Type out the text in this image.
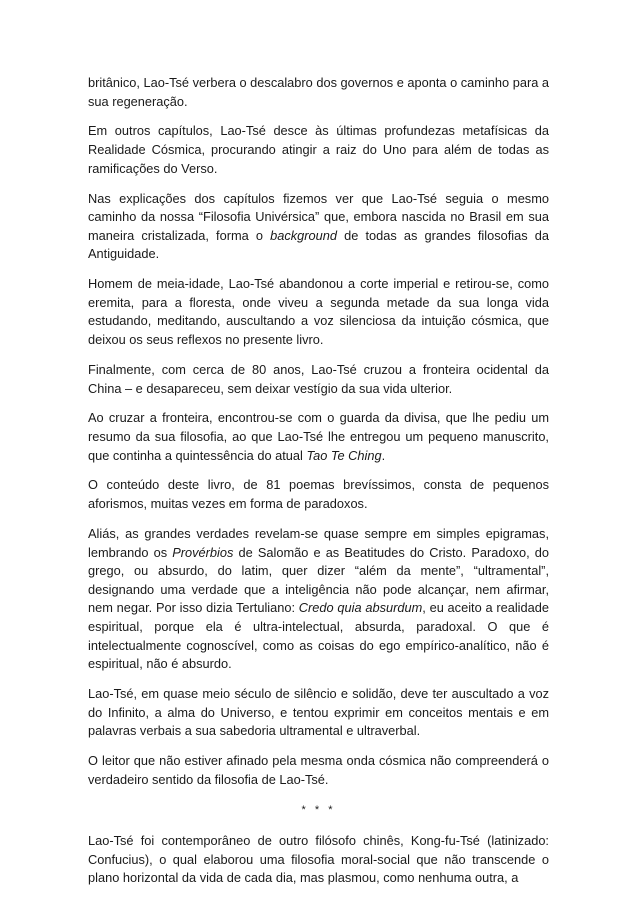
britânico, Lao-Tsé verbera o descalabro dos governos e aponta o caminho para a sua regeneração.

Em outros capítulos, Lao-Tsé desce às últimas profundezas metafísicas da Realidade Cósmica, procurando atingir a raiz do Uno para além de todas as ramificações do Verso.

Nas explicações dos capítulos fizemos ver que Lao-Tsé seguia o mesmo caminho da nossa “Filosofia Univérsica” que, embora nascida no Brasil em sua maneira cristalizada, forma o background de todas as grandes filosofias da Antiguidade.

Homem de meia-idade, Lao-Tsé abandonou a corte imperial e retirou-se, como eremita, para a floresta, onde viveu a segunda metade da sua longa vida estudando, meditando, auscultando a voz silenciosa da intuição cósmica, que deixou os seus reflexos no presente livro.

Finalmente, com cerca de 80 anos, Lao-Tsé cruzou a fronteira ocidental da China – e desapareceu, sem deixar vestígio da sua vida ulterior.

Ao cruzar a fronteira, encontrou-se com o guarda da divisa, que lhe pediu um resumo da sua filosofia, ao que Lao-Tsé lhe entregou um pequeno manuscrito, que continha a quintessência do atual Tao Te Ching.

O conteúdo deste livro, de 81 poemas brevíssimos, consta de pequenos aforismos, muitas vezes em forma de paradoxos.

Aliás, as grandes verdades revelam-se quase sempre em simples epigramas, lembrando os Provérbios de Salomão e as Beatitudes do Cristo. Paradoxo, do grego, ou absurdo, do latim, quer dizer “além da mente”, “ultramental”, designando uma verdade que a inteligência não pode alcançar, nem afirmar, nem negar. Por isso dizia Tertuliano: Credo quia absurdum, eu aceito a realidade espiritual, porque ela é ultra-intelectual, absurda, paradoxal. O que é intelectualmente cognoscível, como as coisas do ego empírico-analítico, não é espiritual, não é absurdo.

Lao-Tsé, em quase meio século de silêncio e solidão, deve ter auscultado a voz do Infinito, a alma do Universo, e tentou exprimir em conceitos mentais e em palavras verbais a sua sabedoria ultramental e ultraverbal.

O leitor que não estiver afinado pela mesma onda cósmica não compreenderá o verdadeiro sentido da filosofia de Lao-Tsé.

* * *

Lao-Tsé foi contemporâneo de outro filósofo chinês, Kong-fu-Tsé (latinizado: Confucius), o qual elaborou uma filosofia moral-social que não transcende o plano horizontal da vida de cada dia, mas plasmou, como nenhuma outra, a
